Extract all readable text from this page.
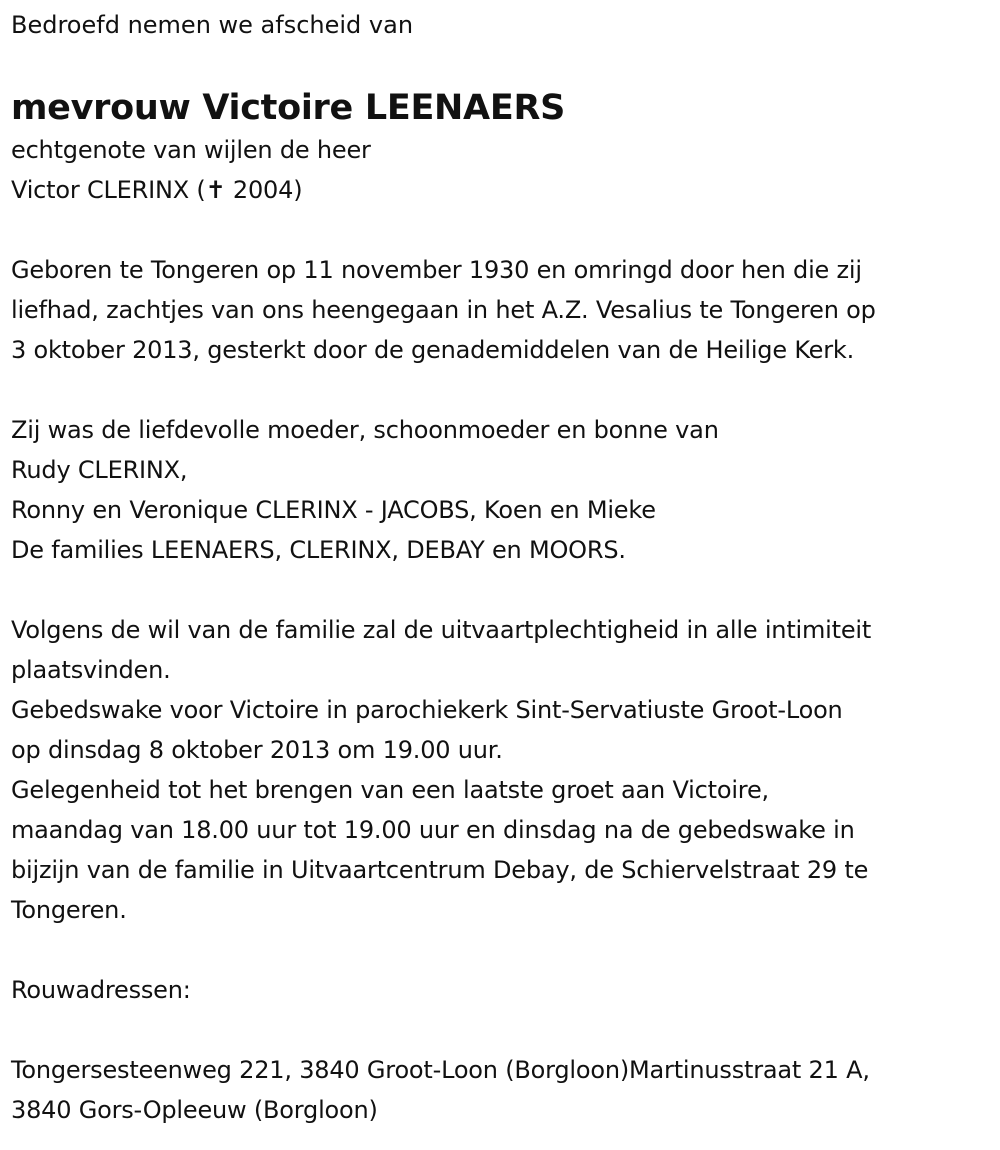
Bedroefd nemen we afscheid van
mevrouw Victoire LEENAERS
echtgenote van wijlen de heer
Victor CLERINX (✝ 2004)
Geboren te Tongeren op 11 november 1930 en omringd door hen die zij
liefhad, zachtjes van ons heengegaan in het A.Z. Vesalius te Tongeren op
3 oktober 2013, gesterkt door de genademiddelen van de Heilige Kerk.
Zij was de liefdevolle moeder, schoonmoeder en bonne van
Rudy CLERINX,
Ronny en Veronique CLERINX - JACOBS, Koen en Mieke
De families LEENAERS, CLERINX, DEBAY en MOORS.
Volgens de wil van de familie zal de uitvaartplechtigheid in alle intimiteit
plaatsvinden.
Gebedswake voor Victoire in parochiekerk Sint-Servatiuste Groot-Loon
op dinsdag 8 oktober 2013 om 19.00 uur.
Gelegenheid tot het brengen van een laatste groet aan Victoire,
maandag van 18.00 uur tot 19.00 uur en dinsdag na de gebedswake in
bijzijn van de familie in Uitvaartcentrum Debay, de Schiervelstraat 29 te
Tongeren.
Rouwadressen:
Tongersesteenweg 221, 3840 Groot-Loon (Borgloon)Martinusstraat 21 A,
3840 Gors-Opleeuw (Borgloon)
